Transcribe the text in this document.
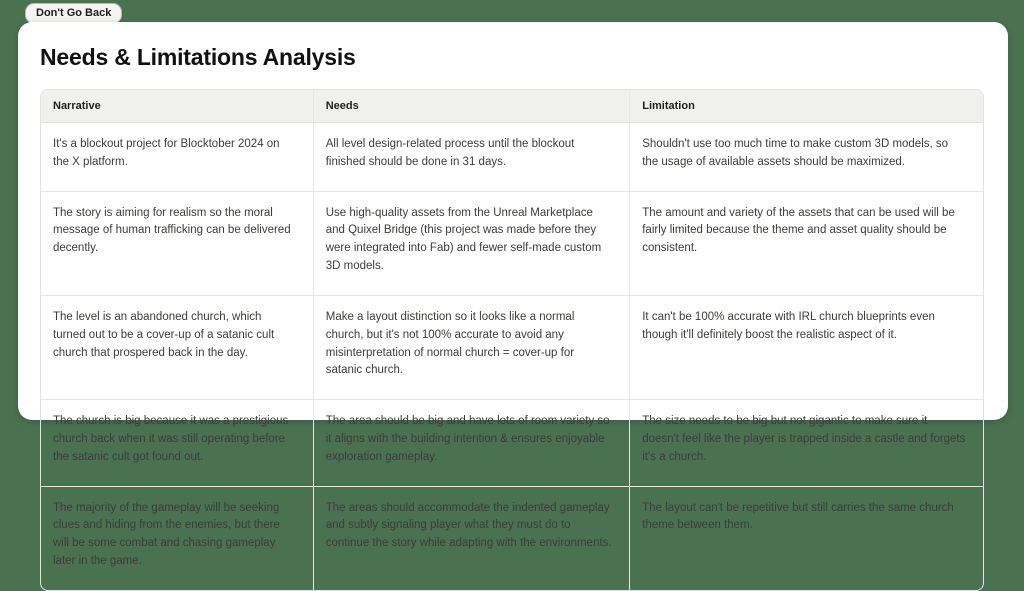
Don't Go Back
Needs & Limitations Analysis
Narrative	Needs	Limitation
It's a blockout project for Blocktober 2024 on the X platform.	All level design-related process until the blockout finished should be done in 31 days.	Shouldn't use too much time to make custom 3D models, so the usage of available assets should be maximized.
The story is aiming for realism so the moral message of human trafficking can be delivered decently.	Use high-quality assets from the Unreal Marketplace and Quixel Bridge (this project was made before they were integrated into Fab) and fewer self-made custom 3D models.	The amount and variety of the assets that can be used will be fairly limited because the theme and asset quality should be consistent.
The level is an abandoned church, which turned out to be a cover-up of a satanic cult church that prospered back in the day.	Make a layout distinction so it looks like a normal church, but it's not 100% accurate to avoid any misinterpretation of normal church = cover-up for satanic church.	It can't be 100% accurate with IRL church blueprints even though it'll definitely boost the realistic aspect of it.
The church is big because it was a prestigious church back when it was still operating before the satanic cult got found out.	The area should be big and have lots of room variety so it aligns with the building intention & ensures enjoyable exploration gameplay.	The size needs to be big but not gigantic to make sure it doesn't feel like the player is trapped inside a castle and forgets it's a church.
The majority of the gameplay will be seeking clues and hiding from the enemies, but there will be some combat and chasing gameplay later in the game.	The areas should accommodate the indented gameplay and subtly signaling player what they must do to continue the story while adapting with the environments.	The layout can't be repetitive but still carries the same church theme between them.
